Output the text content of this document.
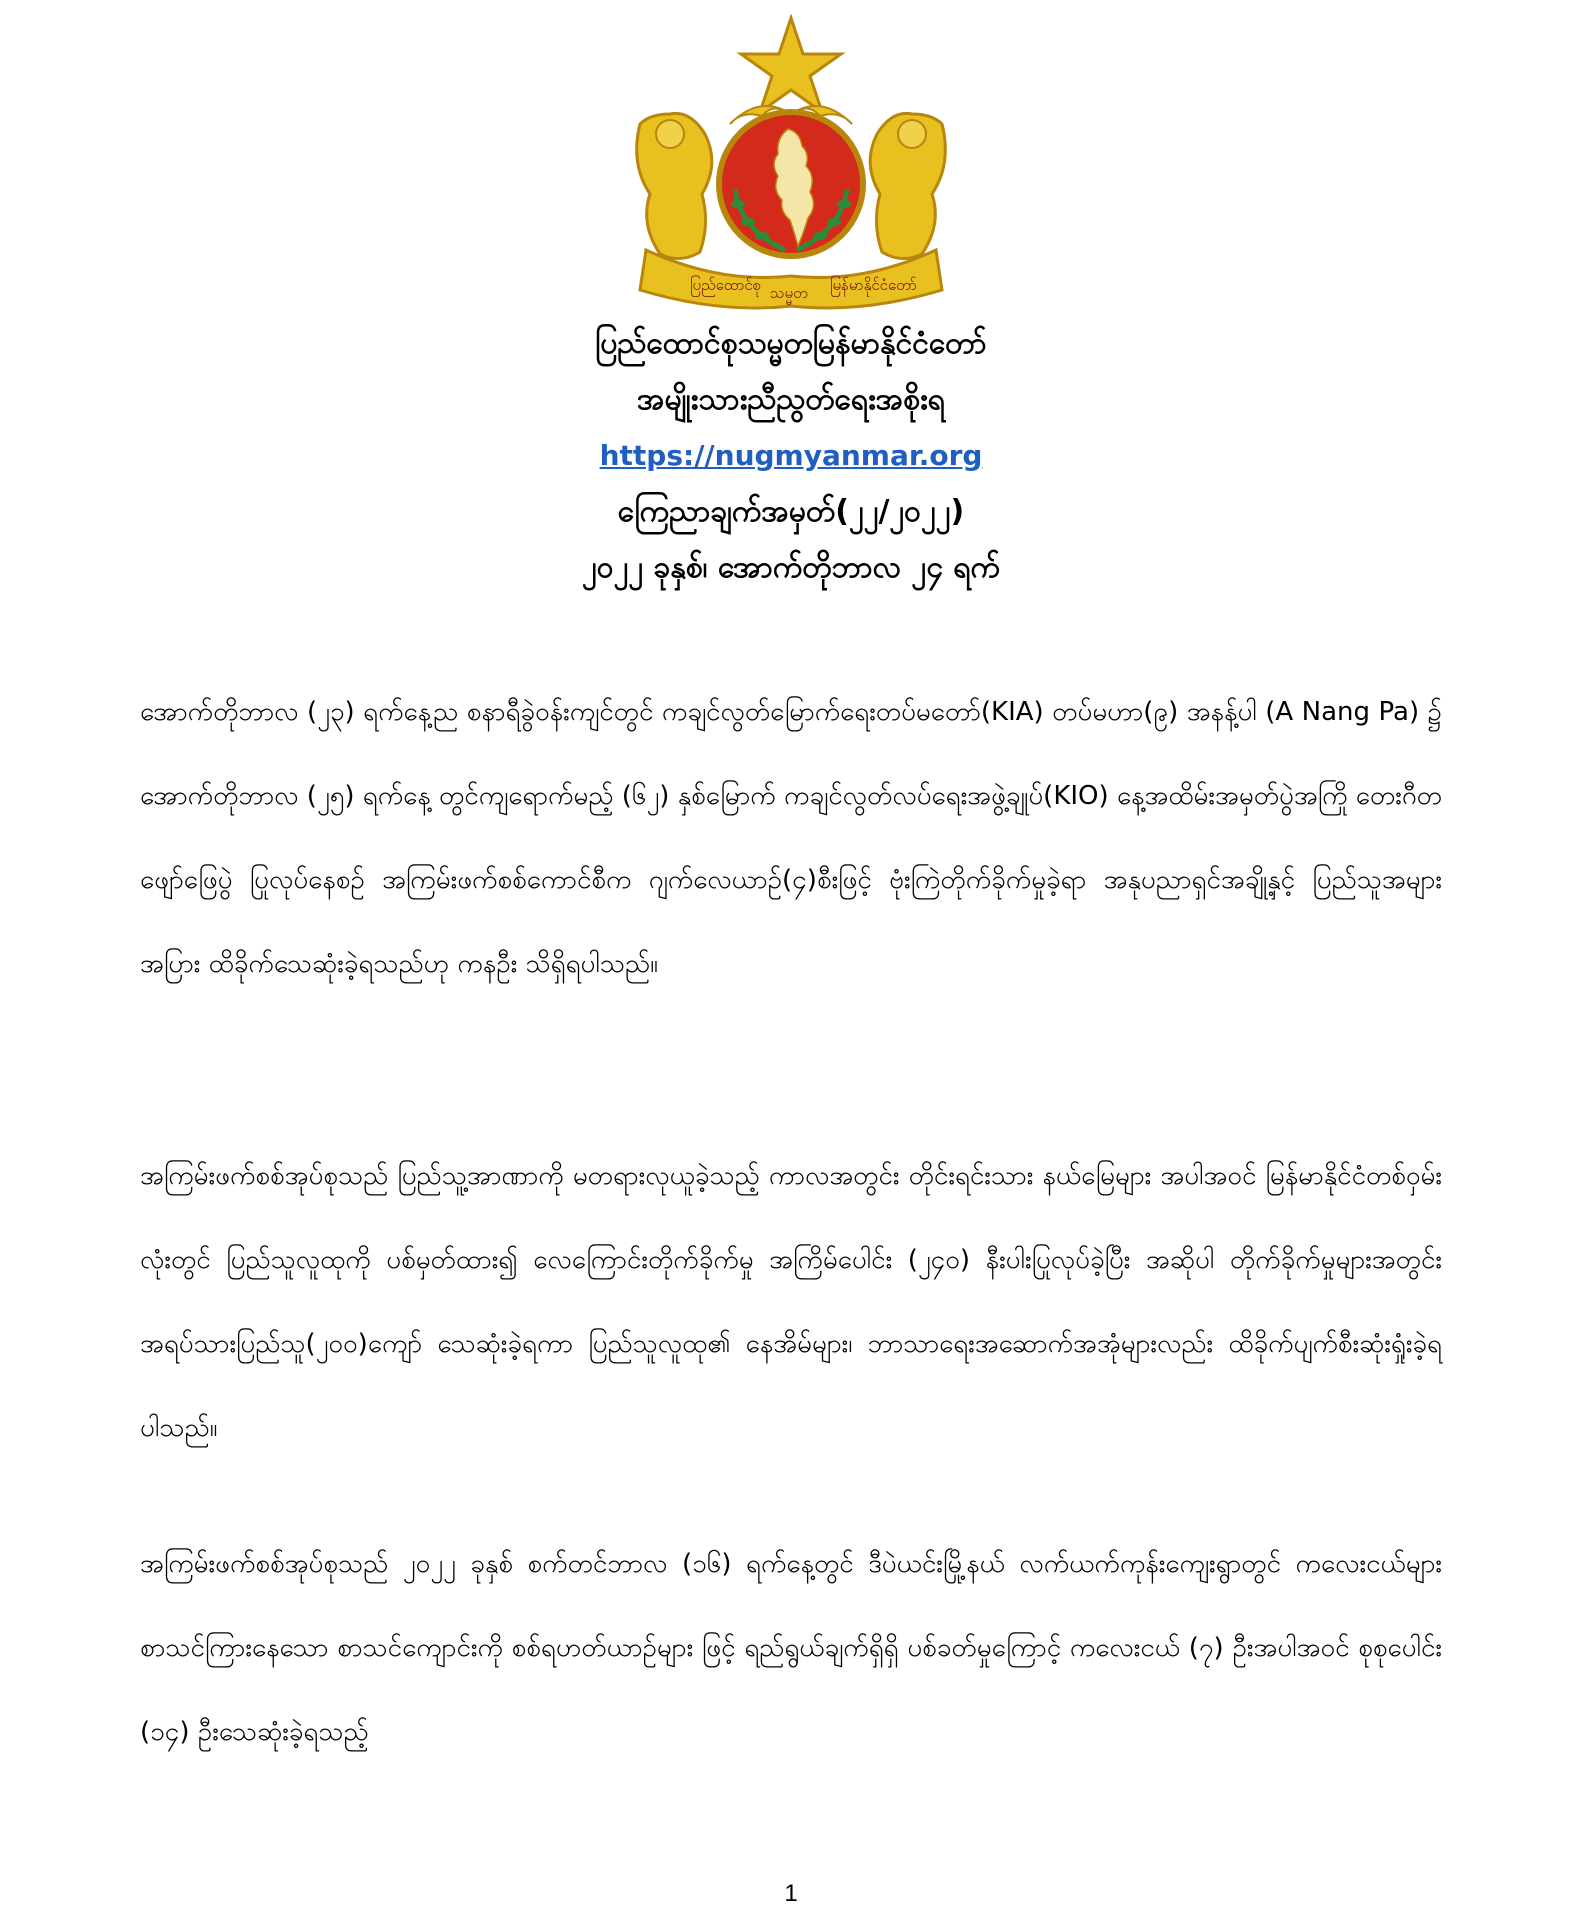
ပြည်ထောင်စု သမ္မတ မြန်မာနိုင်ငံတော်

ပြည်ထောင်စုသမ္မတမြန်မာနိုင်ငံတော်

အမျိုးသားညီညွတ်ရေးအစိုးရ

https://nugmyanmar.org

ကြေညာချက်အမှတ်(၂၂/၂၀၂၂)

၂၀၂၂ ခုနှစ်၊ အောက်တိုဘာလ ၂၄ ရက်

အောက်တိုဘာလ (၂၃) ရက်နေ့ည စနာရီခွဲဝန်းကျင်တွင် ကချင်လွတ်မြောက်ရေးတပ်မတော်(KIA) တပ်မဟာ(၉) အနန့်ပါ (A Nang Pa) ၌ အောက်တိုဘာလ (၂၅) ရက်နေ့ တွင်ကျရောက်မည့် (၆၂) နှစ်မြောက် ကချင်လွတ်လပ်ရေးအဖွဲ့ချုပ်(KIO) နေ့အထိမ်းအမှတ်ပွဲအကြို တေးဂီတဖျော်ဖြေပွဲ ပြုလုပ်နေစဉ် အကြမ်းဖက်စစ်ကောင်စီက ဂျက်လေယာဉ်(၄)စီးဖြင့် ဗုံးကြဲတိုက်ခိုက်မှုခဲ့ရာ အနုပညာရှင်အချို့နှင့် ပြည်သူအများအပြား ထိခိုက်သေဆုံးခဲ့ရသည်ဟု ကနဦး သိရှိရပါသည်။

အကြမ်းဖက်စစ်အုပ်စုသည် ပြည်သူ့အာဏာကို မတရားလုယူခဲ့သည့် ကာလအတွင်း တိုင်းရင်းသား နယ်မြေများ အပါအဝင် မြန်မာနိုင်ငံတစ်ဝှမ်းလုံးတွင် ပြည်သူလူထုကို ပစ်မှတ်ထား၍ လေကြောင်းတိုက်ခိုက်မှု အကြိမ်ပေါင်း (၂၄၀) နီးပါးပြုလုပ်ခဲ့ပြီး အဆိုပါ တိုက်ခိုက်မှုများအတွင်း အရပ်သားပြည်သူ(၂၀၀)ကျော် သေဆုံးခဲ့ရကာ ပြည်သူလူထု၏ နေအိမ်များ၊ ဘာသာရေးအဆောက်အအုံများလည်း ထိခိုက်ပျက်စီးဆုံးရှုံးခဲ့ရပါသည်။

အကြမ်းဖက်စစ်အုပ်စုသည် ၂၀၂၂ ခုနှစ် စက်တင်ဘာလ (၁၆) ရက်နေ့တွင် ဒီပဲယင်းမြို့နယ် လက်ယက်ကုန်းကျေးရွာတွင် ကလေးငယ်များစာသင်ကြားနေသော စာသင်ကျောင်းကို စစ်ရဟတ်ယာဉ်များ ဖြင့် ရည်ရွယ်ချက်ရှိရှိ ပစ်ခတ်မှုကြောင့် ကလေးငယ် (၇) ဦးအပါအဝင် စုစုပေါင်း (၁၄) ဦးသေဆုံးခဲ့ရသည့်

1
